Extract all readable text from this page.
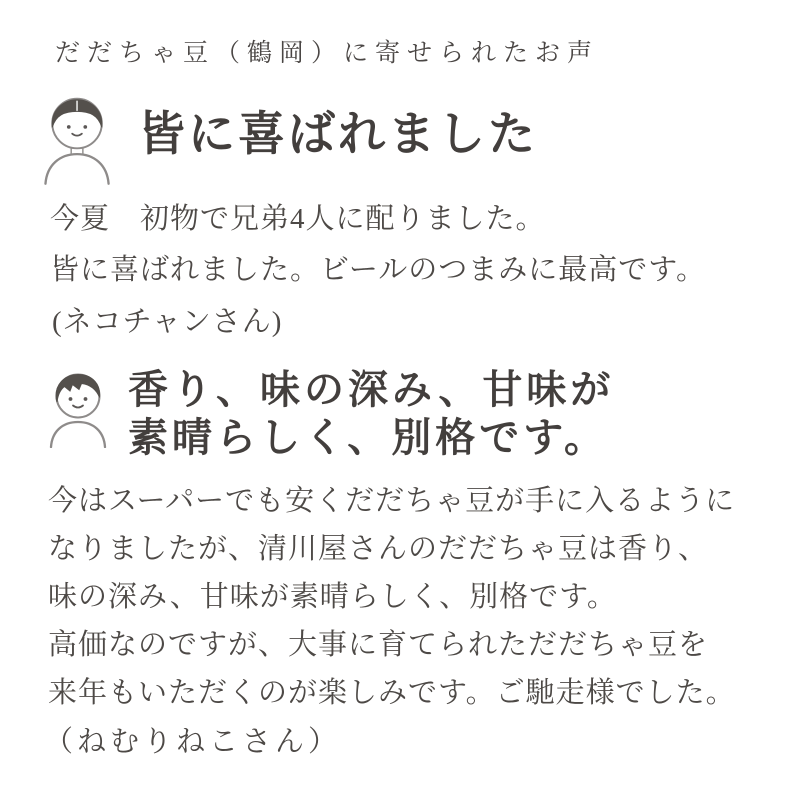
だだちゃ豆（鶴岡）に寄せられたお声
皆に喜ばれました

今夏　初物で兄弟4人に配りました。
皆に喜ばれました。ビールのつまみに最高です。

(ネコチャンさん)

香り、味の深み、甘味が
素晴らしく、別格です。

今はスーパーでも安くだだちゃ豆が手に入るように
なりましたが、清川屋さんのだだちゃ豆は香り、
味の深み、甘味が素晴らしく、別格です。
高価なのですが、大事に育てられただだちゃ豆を
来年もいただくのが楽しみです。ご馳走様でした。

（ねむりねこさん）
